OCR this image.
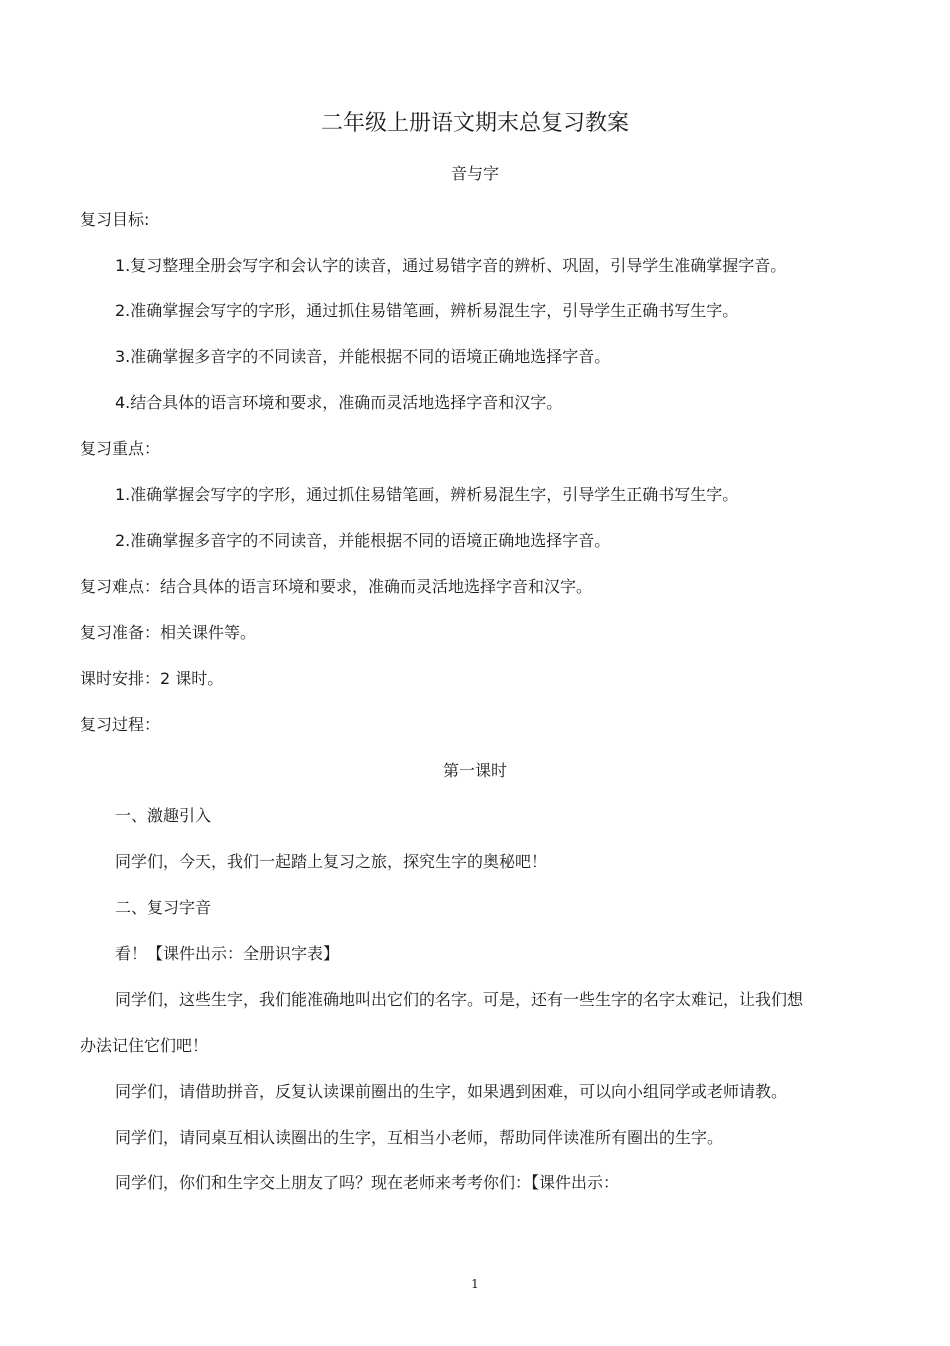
二年级上册语文期末总复习教案
音与字
复习目标:
1.复习整理全册会写字和会认字的读音，通过易错字音的辨析、巩固，引导学生准确掌握字音。
2.准确掌握会写字的字形，通过抓住易错笔画，辨析易混生字，引导学生正确书写生字。
3.准确掌握多音字的不同读音，并能根据不同的语境正确地选择字音。
4.结合具体的语言环境和要求，准确而灵活地选择字音和汉字。
复习重点：
1.准确掌握会写字的字形，通过抓住易错笔画，辨析易混生字，引导学生正确书写生字。
2.准确掌握多音字的不同读音，并能根据不同的语境正确地选择字音。
复习难点：结合具体的语言环境和要求，准确而灵活地选择字音和汉字。
复习准备：相关课件等。
课时安排：2 课时。
复习过程：
第一课时
一、激趣引入
同学们，今天，我们一起踏上复习之旅，探究生字的奥秘吧！
二、复习字音
看！【课件出示：全册识字表】
同学们，这些生字，我们能准确地叫出它们的名字。可是，还有一些生字的名字太难记，让我们想
办法记住它们吧！
同学们，请借助拼音，反复认读课前圈出的生字，如果遇到困难，可以向小组同学或老师请教。
同学们，请同桌互相认读圈出的生字，互相当小老师，帮助同伴读准所有圈出的生字。
同学们，你们和生字交上朋友了吗？现在老师来考考你们：【课件出示：
1
